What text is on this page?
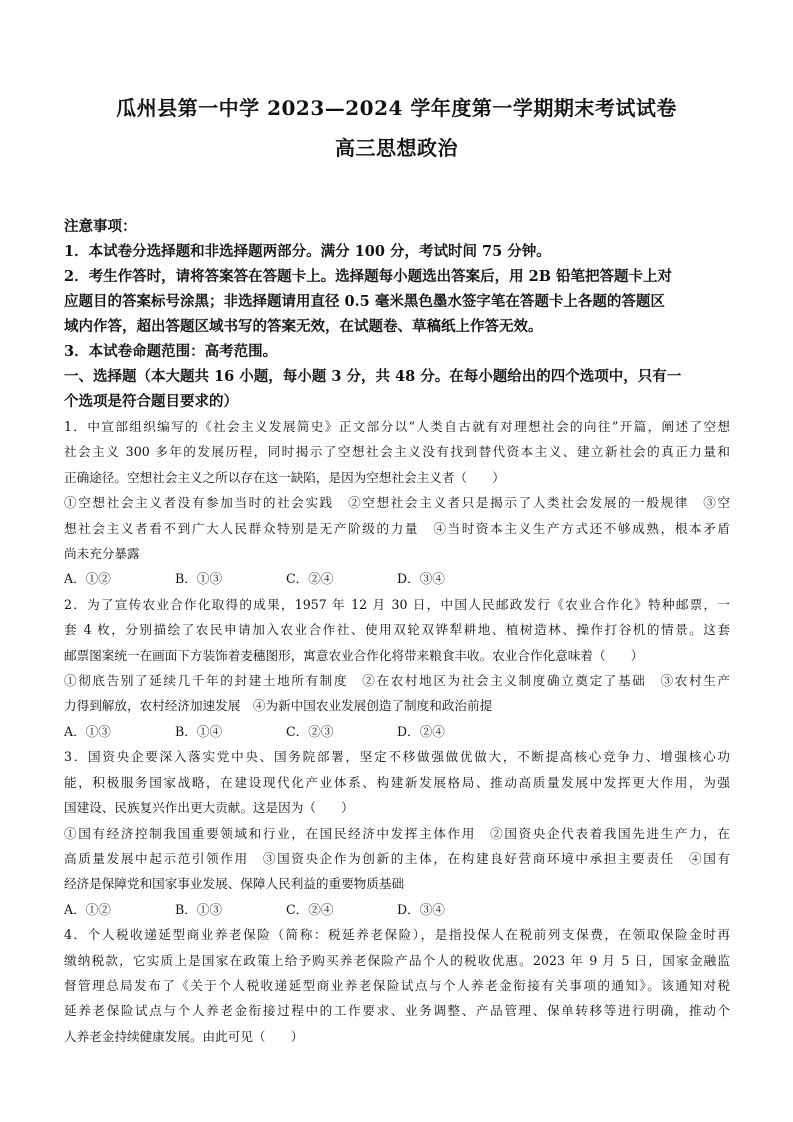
瓜州县第一中学 2023—2024 学年度第一学期期末考试试卷
高三思想政治

注意事项：

1．本试卷分选择题和非选择题两部分。满分 100 分，考试时间 75 分钟。

2．考生作答时，请将答案答在答题卡上。选择题每小题选出答案后，用 2B 铅笔把答题卡上对

应题目的答案标号涂黑；非选择题请用直径 0.5 毫米黑色墨水签字笔在答题卡上各题的答题区

域内作答，超出答题区域书写的答案无效，在试题卷、草稿纸上作答无效。

3．本试卷命题范围：高考范围。

一、选择题（本大题共 16 小题，每小题 3 分，共 48 分。在每小题给出的四个选项中，只有一

个选项是符合题目要求的）

1．中宣部组织编写的《社会主义发展简史》正文部分以“人类自古就有对理想社会的向往”开篇，阐述了空想
社会主义 300 多年的发展历程，同时揭示了空想社会主义没有找到替代资本主义、建立新社会的真正力量和
正确途径。空想社会主义之所以存在这一缺陷，是因为空想社会主义者（　　）
①空想社会主义者没有参加当时的社会实践　②空想社会主义者只是揭示了人类社会发展的一般规律　③空
想社会主义者看不到广大人民群众特别是无产阶级的力量　④当时资本主义生产方式还不够成熟，根本矛盾
尚未充分暴露
A．①②	B．①③	C．②④	D．③④
2．为了宣传农业合作化取得的成果，1957 年 12 月 30 日，中国人民邮政发行《农业合作化》特种邮票，一
套 4 枚，分别描绘了农民申请加入农业合作社、使用双轮双铧犁耕地、植树造林、操作打谷机的情景。这套
邮票图案统一在画面下方装饰着麦穗图形，寓意农业合作化将带来粮食丰收。农业合作化意味着（　　）
①彻底告别了延续几千年的封建土地所有制度　②在农村地区为社会主义制度确立奠定了基础　③农村生产
力得到解放，农村经济加速发展　④为新中国农业发展创造了制度和政治前提
A．①③	B．①④	C．②③	D．②④
3．国资央企要深入落实党中央、国务院部署，坚定不移做强做优做大，不断提高核心竞争力、增强核心功
能，积极服务国家战略，在建设现代化产业体系、构建新发展格局、推动高质量发展中发挥更大作用，为强
国建设、民族复兴作出更大贡献。这是因为（　　）
①国有经济控制我国重要领域和行业，在国民经济中发挥主体作用　②国资央企代表着我国先进生产力，在
高质量发展中起示范引领作用　③国资央企作为创新的主体，在构建良好营商环境中承担主要责任　④国有
经济是保障党和国家事业发展、保障人民利益的重要物质基础
A．①②	B．①③	C．②④	D．③④
4．个人税收递延型商业养老保险（简称：税延养老保险），是指投保人在税前列支保费，在领取保险金时再
缴纳税款，它实质上是国家在政策上给予购买养老保险产品个人的税收优惠。2023 年 9 月 5 日，国家金融监
督管理总局发布了《关于个人税收递延型商业养老保险试点与个人养老金衔接有关事项的通知》。该通知对税
延养老保险试点与个人养老金衔接过程中的工作要求、业务调整、产品管理、保单转移等进行明确，推动个
人养老金持续健康发展。由此可见（　　）
